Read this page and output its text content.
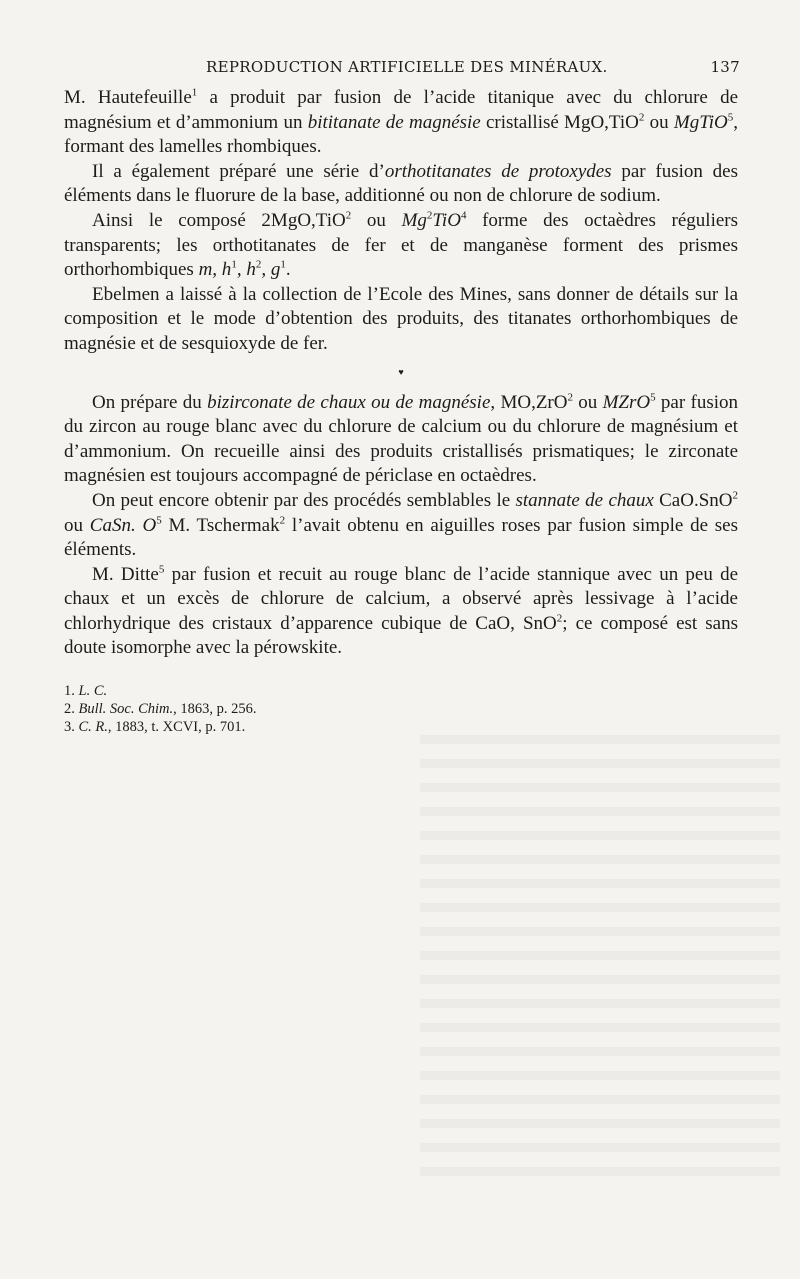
REPRODUCTION ARTIFICIELLE DES MINÉRAUX.	137

M. Hautefeuille$^1$ a produit par fusion de l’acide titanique avec du chlorure de magnésium et d’ammonium un bititanate de magnésie cristallisé MgO,TiO$^2$ ou MgTiO$^5$, formant des lamelles rhombiques.

Il a également préparé une série d’orthotitanates de protoxydes par fusion des éléments dans le fluorure de la base, additionné ou non de chlorure de sodium.

Ainsi le composé 2MgO,TiO$^2$ ou Mg$^2$TiO$^4$ forme des octaèdres réguliers transparents; les orthotitanates de fer et de manganèse forment des prismes orthorhombiques m, $h^1$, $h^2$, $g^1$.

Ebelmen a laissé à la collection de l’Ecole des Mines, sans donner de détails sur la composition et le mode d’obtention des produits, des titanates orthorhombiques de magnésie et de sesquioxyde de fer.

♥

On prépare du bizirconate de chaux ou de magnésie, MO,ZrO$^2$ ou MZrO$^5$ par fusion du zircon au rouge blanc avec du chlorure de calcium ou du chlorure de magnésium et d’ammonium. On recueille ainsi des produits cristallisés prismatiques; le zirconate magnésien est toujours accompagné de périclase en octaèdres.

On peut encore obtenir par des procédés semblables le stannate de chaux CaO.SnO$^2$ ou CaSn. $O^5$ M. Tschermak$^2$ l’avait obtenu en aiguilles roses par fusion simple de ses éléments.

M. Ditte$^5$ par fusion et recuit au rouge blanc de l’acide stannique avec un peu de chaux et un excès de chlorure de calcium, a observé après lessivage à l’acide chlorhydrique des cristaux d’apparence cubique de CaO, SnO$^2$; ce composé est sans doute isomorphe avec la pérowskite.

1. L. C.
2. Bull. Soc. Chim., 1863, p. 256.
3. C. R., 1883, t. XCVI, p. 701.
